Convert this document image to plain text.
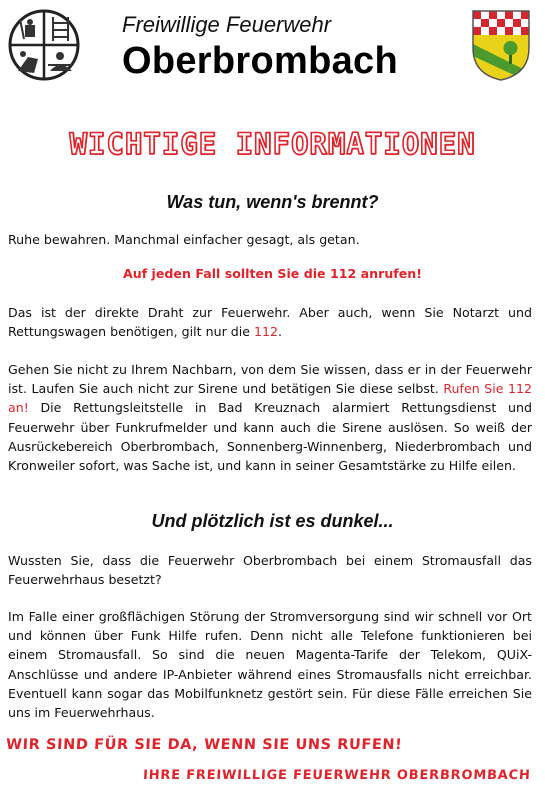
Freiwillige Feuerwehr
Oberbrombach
WICHTIGE INFORMATIONEN
Was tun, wenn's brennt?
Ruhe bewahren. Manchmal einfacher gesagt, als getan.
Auf jeden Fall sollten Sie die 112 anrufen!
Das ist der direkte Draht zur Feuerwehr. Aber auch, wenn Sie Notarzt und Rettungswagen benötigen, gilt nur die 112.
Gehen Sie nicht zu Ihrem Nachbarn, von dem Sie wissen, dass er in der Feuerwehr ist. Laufen Sie auch nicht zur Sirene und betätigen Sie diese selbst. Rufen Sie 112 an! Die Rettungsleitstelle in Bad Kreuznach alarmiert Rettungsdienst und Feuerwehr über Funkrufmelder und kann auch die Sirene auslösen. So weiß der Ausrückebereich Oberbrombach, Sonnenberg-Winnenberg, Niederbrombach und Kronweiler sofort, was Sache ist, und kann in seiner Gesamtstärke zu Hilfe eilen.
Und plötzlich ist es dunkel...
Wussten Sie, dass die Feuerwehr Oberbrombach bei einem Stromausfall das Feuerwehrhaus besetzt?
Im Falle einer großflächigen Störung der Stromversorgung sind wir schnell vor Ort und können über Funk Hilfe rufen. Denn nicht alle Telefone funktionieren bei einem Stromausfall. So sind die neuen Magenta-Tarife der Telekom, QUiX-Anschlüsse und andere IP-Anbieter während eines Stromausfalls nicht erreichbar. Eventuell kann sogar das Mobilfunknetz gestört sein. Für diese Fälle erreichen Sie uns im Feuerwehrhaus.
WIR SIND FÜR SIE DA, WENN SIE UNS RUFEN!
IHRE FREIWILLIGE FEUERWEHR OBERBROMBACH
